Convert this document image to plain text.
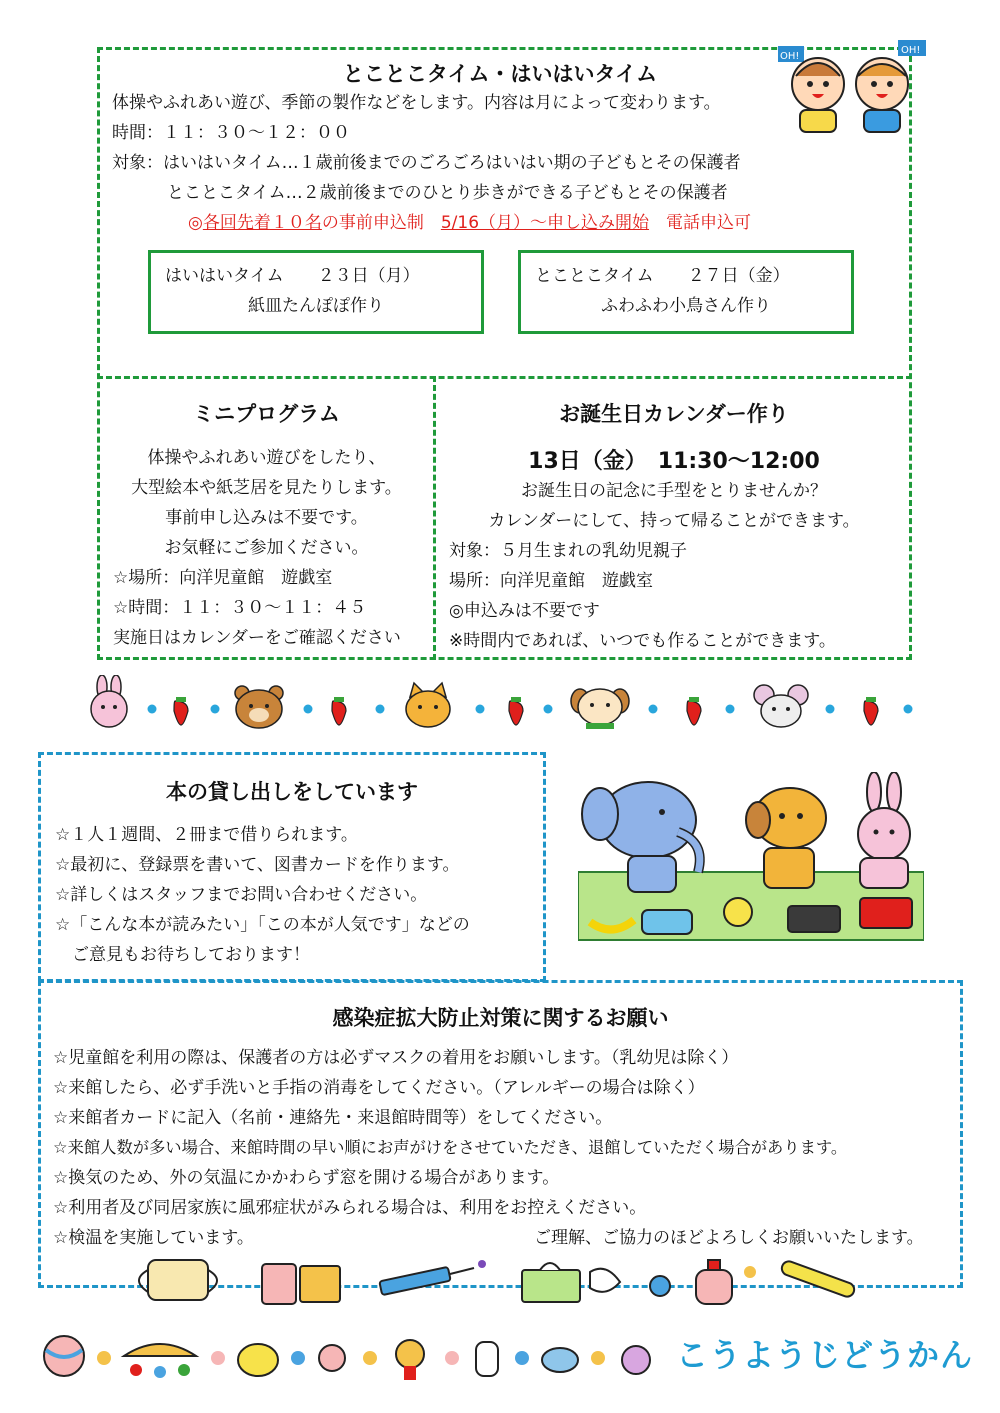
とことこタイム・はいはいタイム
体操やふれあい遊び、季節の製作などをします。内容は月によって変わります。
時間：１１：３０～１２：００
対象：はいはいタイム…１歳前後までのごろごろはいはい期の子どもとその保護者
とことこタイム…２歳前後までのひとり歩きができる子どもとその保護者
◎各回先着１０名の事前申込制　5/16（月）～申し込み開始　電話申込可
はいはいタイム　　２３日（月）
紙皿たんぽぽ作り
とことこタイム　　２７日（金）
ふわふわ小鳥さん作り
OH!
OH!
ミニプログラム
体操やふれあい遊びをしたり、
大型絵本や紙芝居を見たりします。
事前申し込みは不要です。
お気軽にご参加ください。
☆場所：向洋児童館　遊戯室
☆時間：１１：３０～１１：４５
実施日はカレンダーをご確認ください
お誕生日カレンダー作り
13日（金）　11:30～12:00
お誕生日の記念に手型をとりませんか？
カレンダーにして、持って帰ることができます。
対象：５月生まれの乳幼児親子
場所：向洋児童館　遊戯室
◎申込みは不要です
※時間内であれば、いつでも作ることができます。
本の貸し出しをしています
☆１人１週間、２冊まで借りられます。
☆最初に、登録票を書いて、図書カードを作ります。
☆詳しくはスタッフまでお問い合わせください。
☆「こんな本が読みたい」「この本が人気です」などの
　ご意見もお待ちしております！
感染症拡大防止対策に関するお願い
☆児童館を利用の際は、保護者の方は必ずマスクの着用をお願いします。（乳幼児は除く）
☆来館したら、必ず手洗いと手指の消毒をしてください。（アレルギーの場合は除く）
☆来館者カードに記入（名前・連絡先・来退館時間等）をしてください。
☆来館人数が多い場合、来館時間の早い順にお声がけをさせていただき、退館していただく場合があります。
☆換気のため、外の気温にかかわらず窓を開ける場合があります。
☆利用者及び同居家族に風邪症状がみられる場合は、利用をお控えください。
☆検温を実施しています。	ご理解、ご協力のほどよろしくお願いいたします。
こうようじどうかん
